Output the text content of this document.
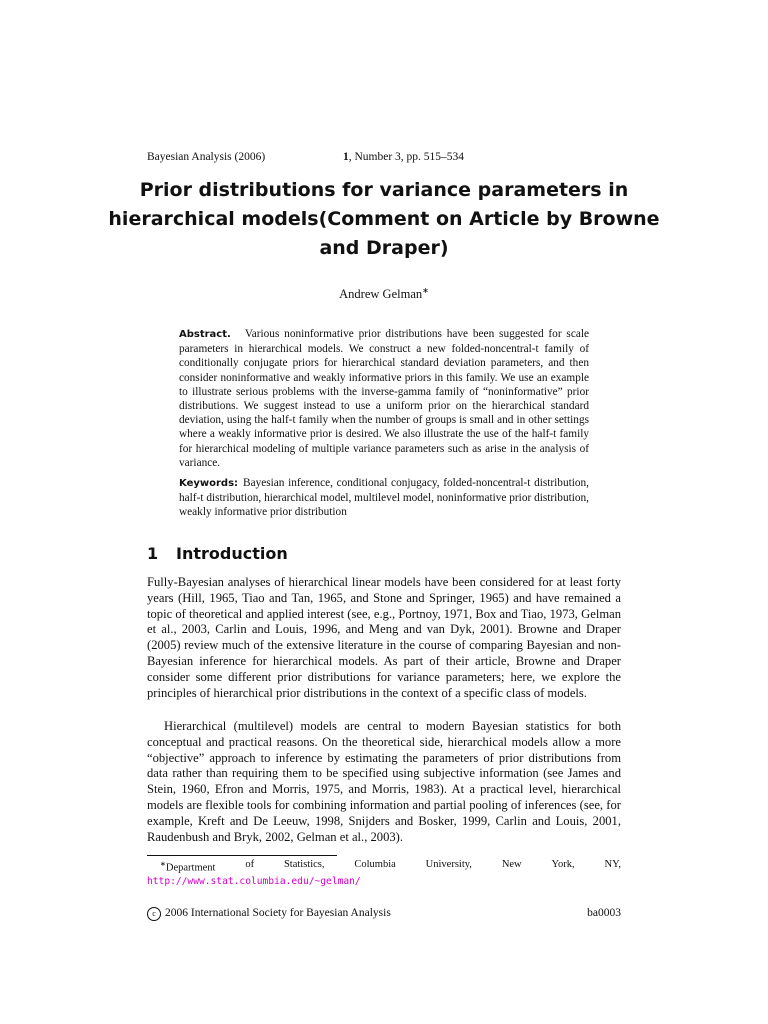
Bayesian Analysis (2006)	1, Number 3, pp. 515–534
Prior distributions for variance parameters in hierarchical models(Comment on Article by Browne and Draper)
Andrew Gelman∗
Abstract. Various noninformative prior distributions have been suggested for scale parameters in hierarchical models. We construct a new folded-noncentral-t family of conditionally conjugate priors for hierarchical standard deviation parameters, and then consider noninformative and weakly informative priors in this family. We use an example to illustrate serious problems with the inverse-gamma family of “noninformative” prior distributions. We suggest instead to use a uniform prior on the hierarchical standard deviation, using the half-t family when the number of groups is small and in other settings where a weakly informative prior is desired. We also illustrate the use of the half-t family for hierarchical modeling of multiple variance parameters such as arise in the analysis of variance.
Keywords: Bayesian inference, conditional conjugacy, folded-noncentral-t distribution, half-t distribution, hierarchical model, multilevel model, noninformative prior distribution, weakly informative prior distribution
1 Introduction
Fully-Bayesian analyses of hierarchical linear models have been considered for at least forty years (Hill, 1965, Tiao and Tan, 1965, and Stone and Springer, 1965) and have remained a topic of theoretical and applied interest (see, e.g., Portnoy, 1971, Box and Tiao, 1973, Gelman et al., 2003, Carlin and Louis, 1996, and Meng and van Dyk, 2001). Browne and Draper (2005) review much of the extensive literature in the course of comparing Bayesian and non-Bayesian inference for hierarchical models. As part of their article, Browne and Draper consider some different prior distributions for variance parameters; here, we explore the principles of hierarchical prior distributions in the context of a specific class of models.
Hierarchical (multilevel) models are central to modern Bayesian statistics for both conceptual and practical reasons. On the theoretical side, hierarchical models allow a more “objective” approach to inference by estimating the parameters of prior distributions from data rather than requiring them to be specified using subjective information (see James and Stein, 1960, Efron and Morris, 1975, and Morris, 1983). At a practical level, hierarchical models are flexible tools for combining information and partial pooling of inferences (see, for example, Kreft and De Leeuw, 1998, Snijders and Bosker, 1999, Carlin and Louis, 2001, Raudenbush and Bryk, 2002, Gelman et al., 2003).
∗Department	of	Statistics,	Columbia	University,	New	York,	NY,
http://www.stat.columbia.edu/~gelman/
c 2006 International Society for Bayesian Analysis	ba0003
